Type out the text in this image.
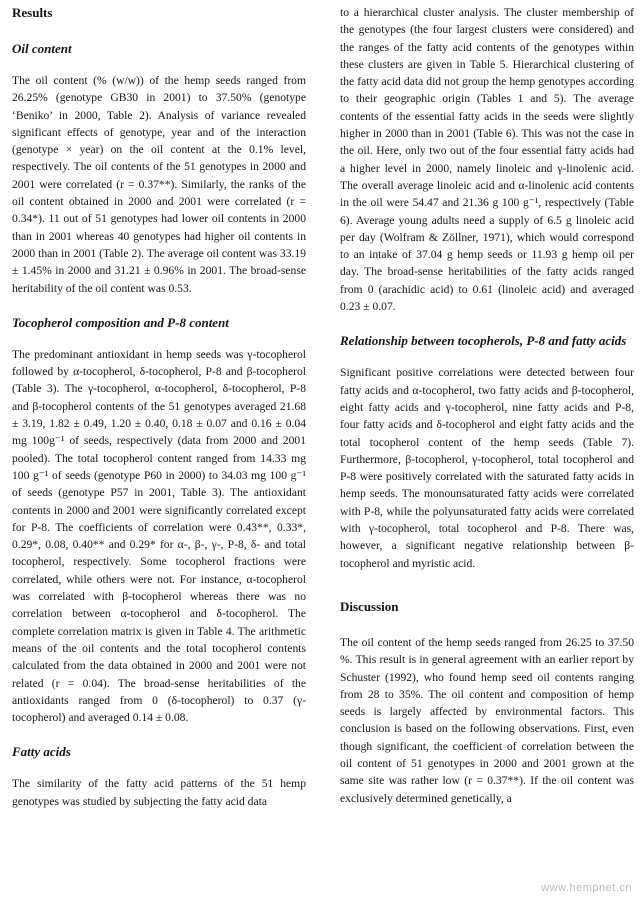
Results
Oil content

The oil content (% (w/w)) of the hemp seeds ranged from 26.25% (genotype GB30 in 2001) to 37.50% (genotype ‘Beniko’ in 2000, Table 2). Analysis of variance revealed significant effects of genotype, year and of the interaction (genotype × year) on the oil content at the 0.1% level, respectively. The oil contents of the 51 genotypes in 2000 and 2001 were correlated (r = 0.37**). Similarly, the ranks of the oil content obtained in 2000 and 2001 were correlated (r = 0.34*). 11 out of 51 genotypes had lower oil contents in 2000 than in 2001 whereas 40 genotypes had higher oil contents in 2000 than in 2001 (Table 2). The average oil content was 33.19 ± 1.45% in 2000 and 31.21 ± 0.96% in 2001. The broad-sense heritability of the oil content was 0.53.

Tocopherol composition and P-8 content

The predominant antioxidant in hemp seeds was γ-tocopherol followed by α-tocopherol, δ-tocopherol, P-8 and β-tocopherol (Table 3). The γ-tocopherol, α-tocopherol, δ-tocopherol, P-8 and β-tocopherol contents of the 51 genotypes averaged 21.68 ± 3.19, 1.82 ± 0.49, 1.20 ± 0.40, 0.18 ± 0.07 and 0.16 ± 0.04 mg 100g⁻¹ of seeds, respectively (data from 2000 and 2001 pooled). The total tocopherol content ranged from 14.33 mg 100 g⁻¹ of seeds (genotype P60 in 2000) to 34.03 mg 100 g⁻¹ of seeds (genotype P57 in 2001, Table 3). The antioxidant contents in 2000 and 2001 were significantly correlated except for P-8. The coefficients of correlation were 0.43**, 0.33*, 0.29*, 0.08, 0.40** and 0.29* for α-, β-, γ-, P-8, δ- and total tocopherol, respectively. Some tocopherol fractions were correlated, while others were not. For instance, α-tocopherol was correlated with β-tocopherol whereas there was no correlation between α-tocopherol and δ-tocopherol. The complete correlation matrix is given in Table 4. The arithmetic means of the oil contents and the total tocopherol contents calculated from the data obtained in 2000 and 2001 were not related (r = 0.04). The broad-sense heritabilities of the antioxidants ranged from 0 (δ-tocopherol) to 0.37 (γ-tocopherol) and averaged 0.14 ± 0.08.

Fatty acids

The similarity of the fatty acid patterns of the 51 hemp genotypes was studied by subjecting the fatty acid data

to a hierarchical cluster analysis. The cluster membership of the genotypes (the four largest clusters were considered) and the ranges of the fatty acid contents of the genotypes within these clusters are given in Table 5. Hierarchical clustering of the fatty acid data did not group the hemp genotypes according to their geographic origin (Tables 1 and 5). The average contents of the essential fatty acids in the seeds were slightly higher in 2000 than in 2001 (Table 6). This was not the case in the oil. Here, only two out of the four essential fatty acids had a higher level in 2000, namely linoleic and γ-linolenic acid. The overall average linoleic acid and α-linolenic acid contents in the oil were 54.47 and 21.36 g 100 g⁻¹, respectively (Table 6). Average young adults need a supply of 6.5 g linoleic acid per day (Wolfram & Zöllner, 1971), which would correspond to an intake of 37.04 g hemp seeds or 11.93 g hemp oil per day. The broad-sense heritabilities of the fatty acids ranged from 0 (arachidic acid) to 0.61 (linoleic acid) and averaged 0.23 ± 0.07.

Relationship between tocopherols, P-8 and fatty acids

Significant positive correlations were detected between four fatty acids and α-tocopherol, two fatty acids and β-tocopherol, eight fatty acids and γ-tocopherol, nine fatty acids and P-8, four fatty acids and δ-tocopherol and eight fatty acids and the total tocopherol content of the hemp seeds (Table 7). Furthermore, β-tocopherol, γ-tocopherol, total tocopherol and P-8 were positively correlated with the saturated fatty acids in hemp seeds. The monounsaturated fatty acids were correlated with P-8, while the polyunsaturated fatty acids were correlated with γ-tocopherol, total tocopherol and P-8. There was, however, a significant negative relationship between β-tocopherol and myristic acid.

Discussion

The oil content of the hemp seeds ranged from 26.25 to 37.50 %. This result is in general agreement with an earlier report by Schuster (1992), who found hemp seed oil contents ranging from 28 to 35%. The oil content and composition of hemp seeds is largely affected by environmental factors. This conclusion is based on the following observations. First, even though significant, the coefficient of correlation between the oil content of 51 genotypes in 2000 and 2001 grown at the same site was rather low (r = 0.37**). If the oil content was exclusively determined genetically, a

www.hempnet.cn
